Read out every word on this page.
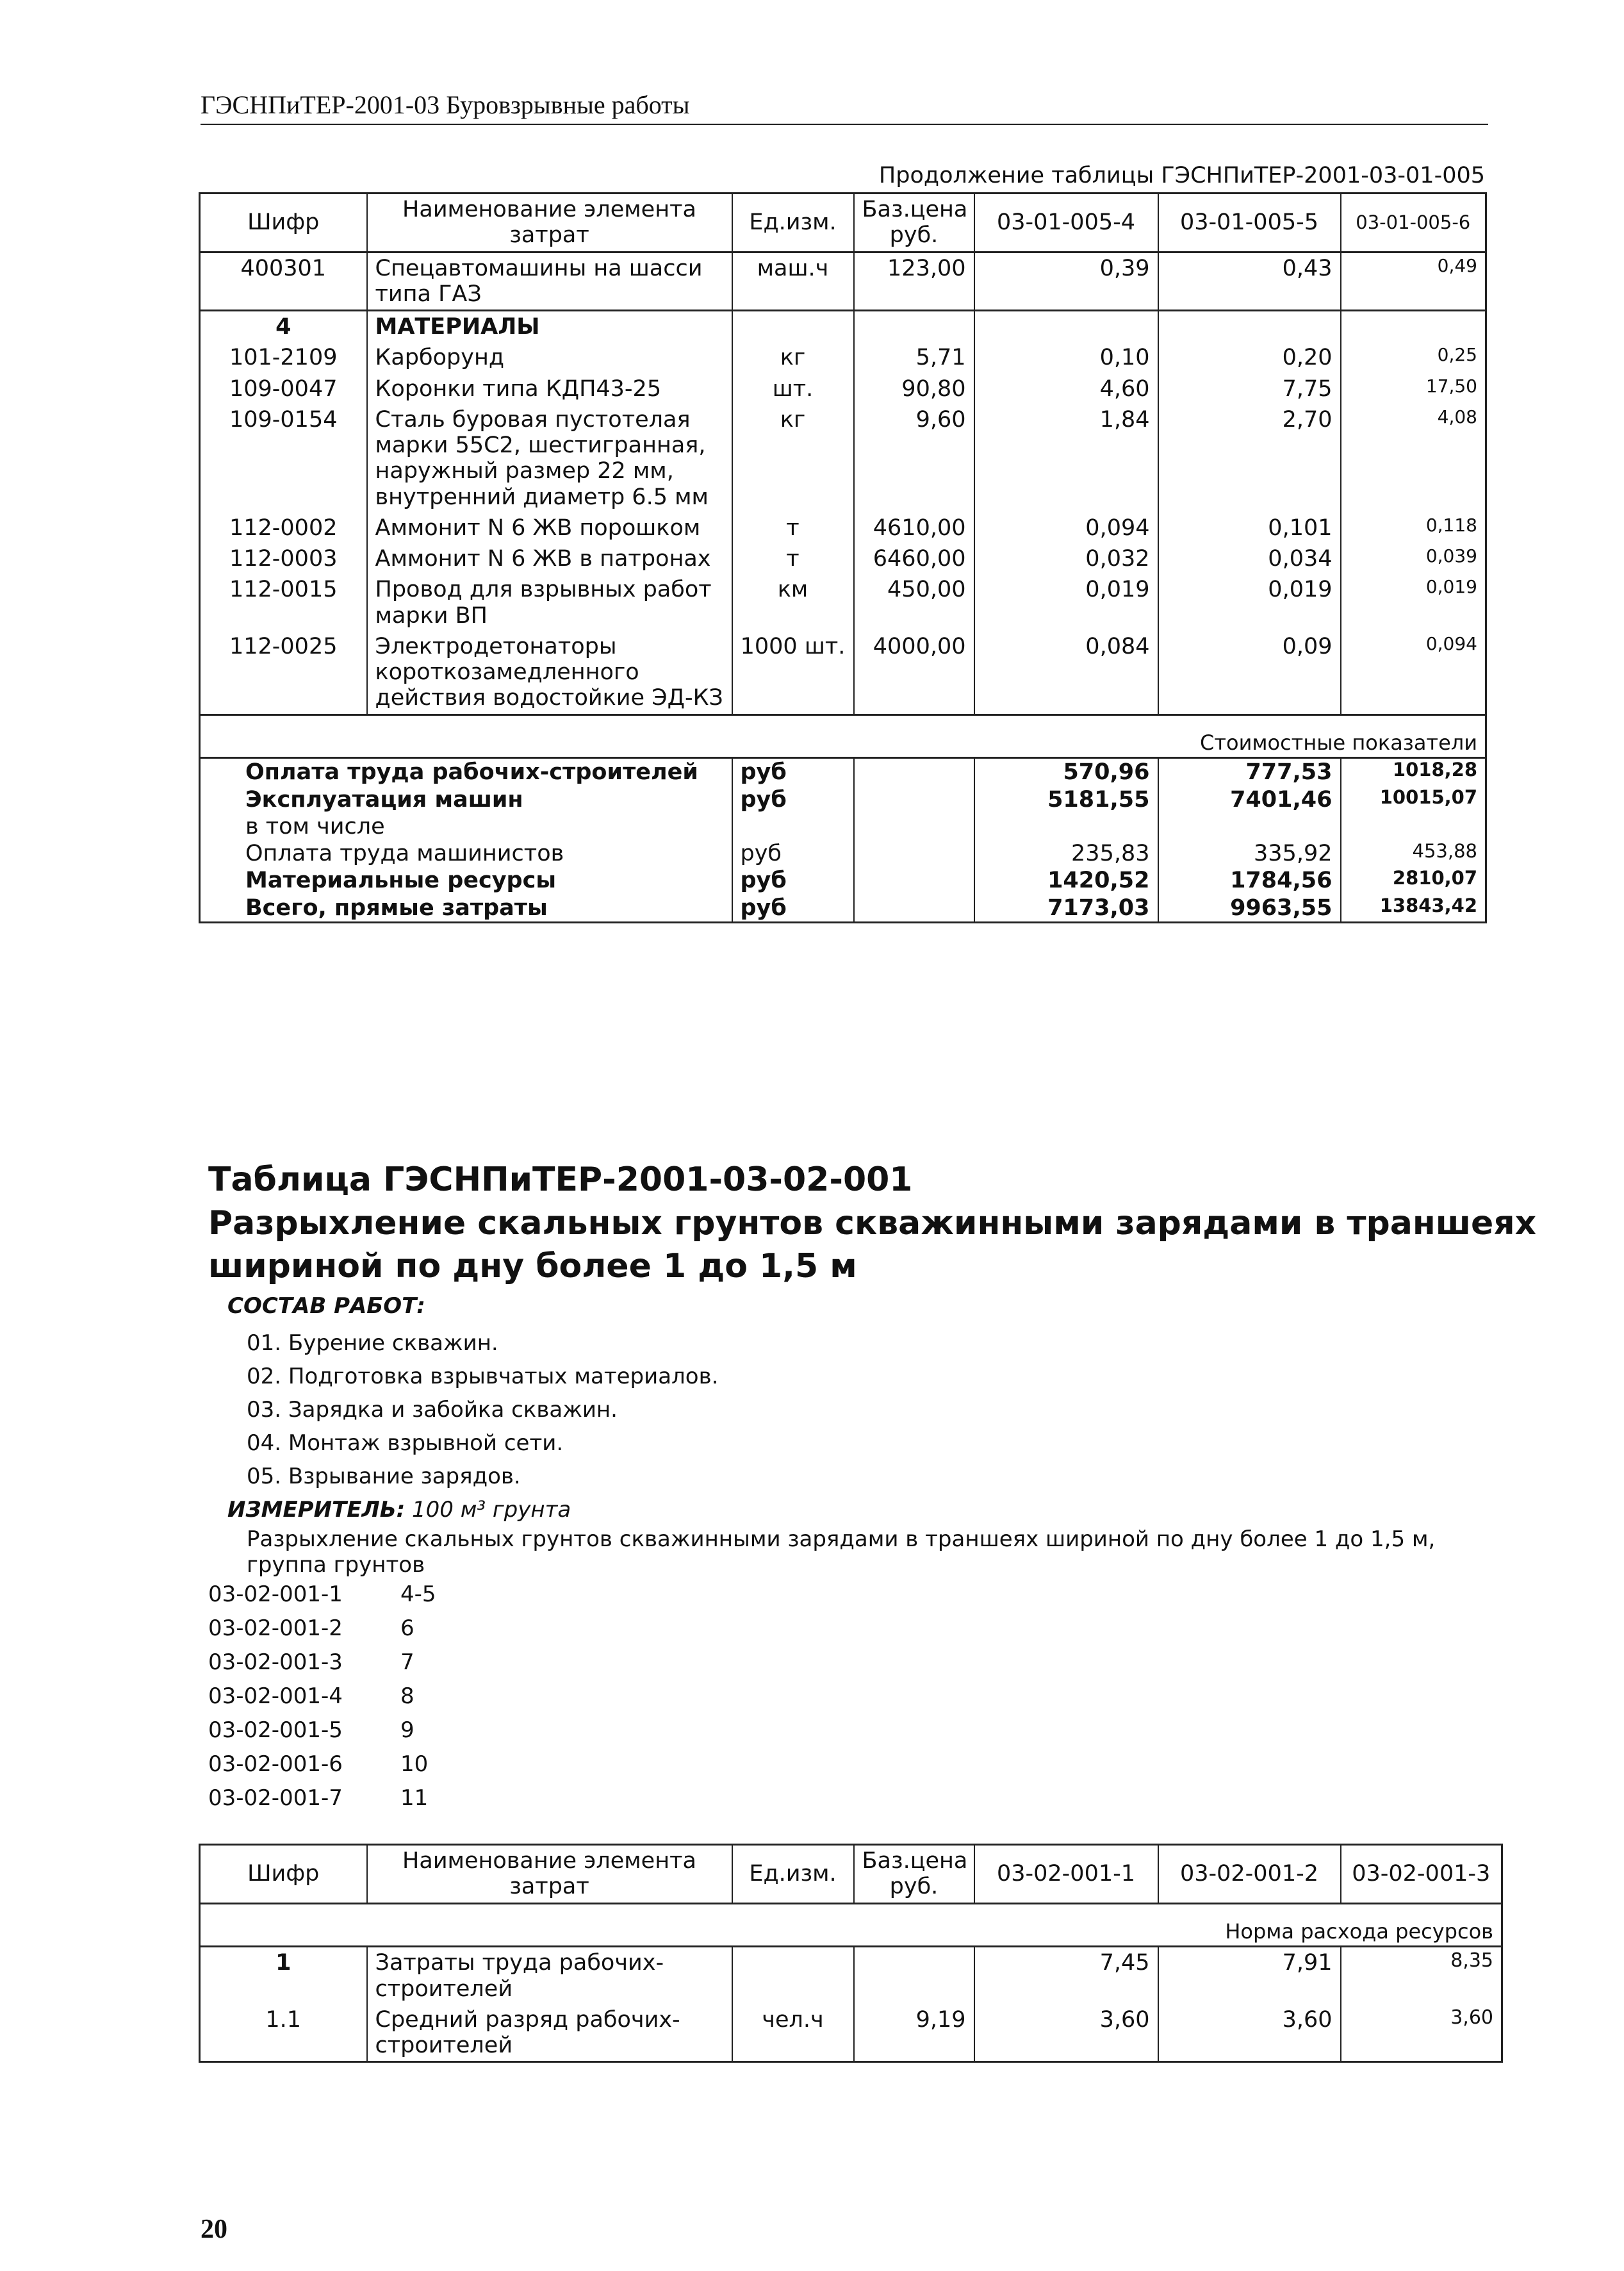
ГЭСНПиТЕР-2001-03 Буровзрывные работы
Продолжение таблицы ГЭСНПиТЕР-2001-03-01-005
Шифр	Наименование элемента затрат	Ед.изм.	Баз.цена руб.	03-01-005-4	03-01-005-5	03-01-005-6
400301	Спецавтомашины на шасси типа ГАЗ	маш.ч	123,00	0,39	0,43	0,49
4	МАТЕРИАЛЫ					
101-2109	Карборунд	кг	5,71	0,10	0,20	0,25
109-0047	Коронки типа КДП43-25	шт.	90,80	4,60	7,75	17,50
109-0154	Сталь буровая пустотелая марки 55С2, шестигранная, наружный размер 22 мм, внутренний диаметр 6.5 мм	кг	9,60	1,84	2,70	4,08
112-0002	Аммонит N 6 ЖВ порошком	т	4610,00	0,094	0,101	0,118
112-0003	Аммонит N 6 ЖВ в патронах	т	6460,00	0,032	0,034	0,039
112-0015	Провод для взрывных работ марки ВП	км	450,00	0,019	0,019	0,019
112-0025	Электродетонаторы короткозамедленного действия водостойкие ЭД-КЗ	1000 шт.	4000,00	0,084	0,09	0,094
Стоимостные показатели						
Оплата труда рабочих-строителей		руб		570,96	777,53	1018,28
Эксплуатация машин		руб		5181,55	7401,46	10015,07
в том числе						
Оплата труда машинистов		руб		235,83	335,92	453,88
Материальные ресурсы		руб		1420,52	1784,56	2810,07
Всего, прямые затраты		руб		7173,03	9963,55	13843,42
Таблица ГЭСНПиТЕР-2001-03-02-001
Разрыхление скальных грунтов скважинными зарядами в траншеях шириной по дну более 1 до 1,5 м
СОСТАВ РАБОТ:
01. Бурение скважин.
02. Подготовка взрывчатых материалов.
03. Зарядка и забойка скважин.
04. Монтаж взрывной сети.
05. Взрывание зарядов.
ИЗМЕРИТЕЛЬ: 100 м³ грунта
Разрыхление скальных грунтов скважинными зарядами в траншеях шириной по дну более 1 до 1,5 м, группа грунтов
03-02-001-1	4-5
03-02-001-2	6
03-02-001-3	7
03-02-001-4	8
03-02-001-5	9
03-02-001-6	10
03-02-001-7	11
Шифр	Наименование элемента затрат	Ед.изм.	Баз.цена руб.	03-02-001-1	03-02-001-2	03-02-001-3
Норма расхода ресурсов						
1	Затраты труда рабочих-строителей			7,45	7,91	8,35
1.1	Средний разряд рабочих-строителей	чел.ч	9,19	3,60	3,60	3,60
20
